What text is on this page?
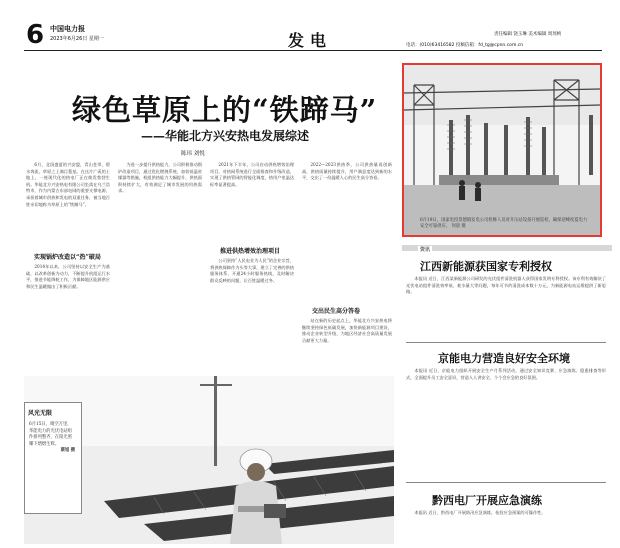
6 中国电力报
2023年6月26日 星期一	发电	责任编辑 饶玉琳 美术编辑 周瑶桢
电话：(010)63416582 投稿信箱：fd_tg@cpnn.com.cn
绿色草原上的“铁蹄马”
——华能北方兴安热电发展综述
陈玮 刘悦

6月，北国盛夏的兴安盟，青山苍翠，碧水奔流，草原之上满目葱茏。在这片广袤的土地上，一座现代化的热电厂正在焕发勃勃生机。华能北方兴安热电有限公司坐落在乌兰浩特市，作为内蒙古东部电网的重要支撑电源，承担着城市供热和发电的双重任务，被当地百姓亲切地称为草原上的“铁蹄马”。

实现锅炉改造以“热”破局

2014年以来，公司坚持以安全生产为基础，以改革创新为动力，不断提升机组运行水平，推进节能降耗工作，为保障地区能源供应和民生温暖做出了积极贡献。

为进一步提升供热能力，公司积极推动锅炉改造项目，通过优化燃烧系统、加装低温省煤器等措施，机组供热能力大幅提升，供热面积持续扩大，有效满足了城市发展的用热需求。

2021年下半年，公司启动供热增效治理项目，对热网系统进行全面排查和升级改造，实现了供热管网的智能化调度，热用户室温达标率显著提高。

推进供热增效治理项目

公司坚持“人民电业为人民”的企业宗旨，将供热保障作为头等大事，建立了完善的供热服务体系，开通24小时服务热线，及时解决群众反映的问题，让百姓温暖过冬。

2022—2023供热季，公司供热量再创新高，供热质量持续提升，用户满意度达到新的水平，交出了一份温暖人心的民生高分答卷。

交出民生高分答卷

站在新的历史起点上，华能北方兴安热电将继续坚持绿色低碳发展，加快新能源项目建设，推动企业转型升级，为地区经济社会高质量发展贡献更大力量。

6月19日，国家电投景德镇发电公司检修人员对升压站设备开展巡检，确保迎峰度夏电力安全可靠供应。 何晨 摄
风光无限
6月15日，晴空万里，华能电力的光伏电站组件排列整齐，在阳光照耀下熠熠生辉。
蔡旭 摄
资讯
江西新能源获国家专利授权

本报讯 近日，江西某新能源公司研发的光伏组件清洗机器人获得国家发明专利授权。该专利有效解决了光伏电站组件清洗效率低、耗水量大等问题，每年可节约清洗成本数十万元，为新能源电站运维提供了新思路。

京能电力营造良好安全环境

本报讯 近日，京能电力组织开展安全生产月系列活动，通过安全知识竞赛、应急演练、隐患排查等形式，全面提升员工安全意识，营造人人讲安全、个个会应急的良好氛围。

黔西电厂开展应急演练

本报讯 近日，黔西电厂开展防汛应急演练，检验应急预案的可操作性。
